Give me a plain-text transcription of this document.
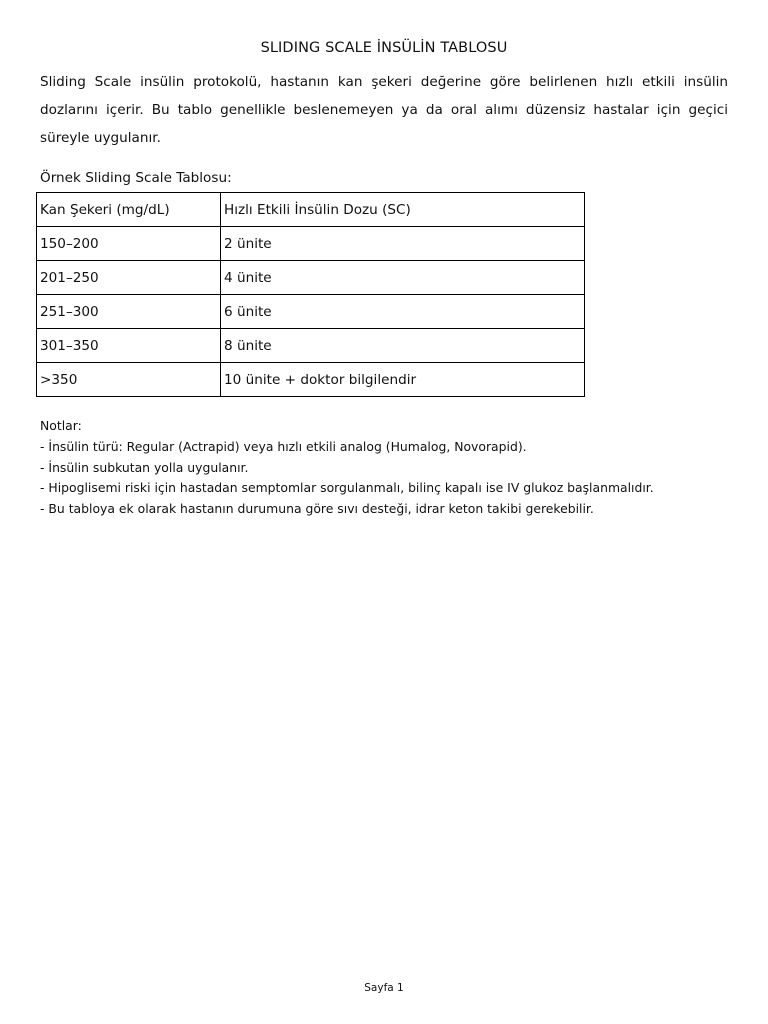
SLIDING SCALE İNSÜLİN TABLOSU

Sliding Scale insülin protokolü, hastanın kan şekeri değerine göre belirlenen hızlı etkili insülin dozlarını içerir. Bu tablo genellikle beslenemeyen ya da oral alımı düzensiz hastalar için geçici süreyle uygulanır.

Örnek Sliding Scale Tablosu:
Kan Şekeri (mg/dL)	Hızlı Etkili İnsülin Dozu (SC)
150–200	2 ünite
201–250	4 ünite
251–300	6 ünite
301–350	8 ünite
>350	10 ünite + doktor bilgilendir
Notlar:
- İnsülin türü: Regular (Actrapid) veya hızlı etkili analog (Humalog, Novorapid).
- İnsülin subkutan yolla uygulanır.
- Hipoglisemi riski için hastadan semptomlar sorgulanmalı, bilinç kapalı ise IV glukoz başlanmalıdır.
- Bu tabloya ek olarak hastanın durumuna göre sıvı desteği, idrar keton takibi gerekebilir.
Sayfa 1
